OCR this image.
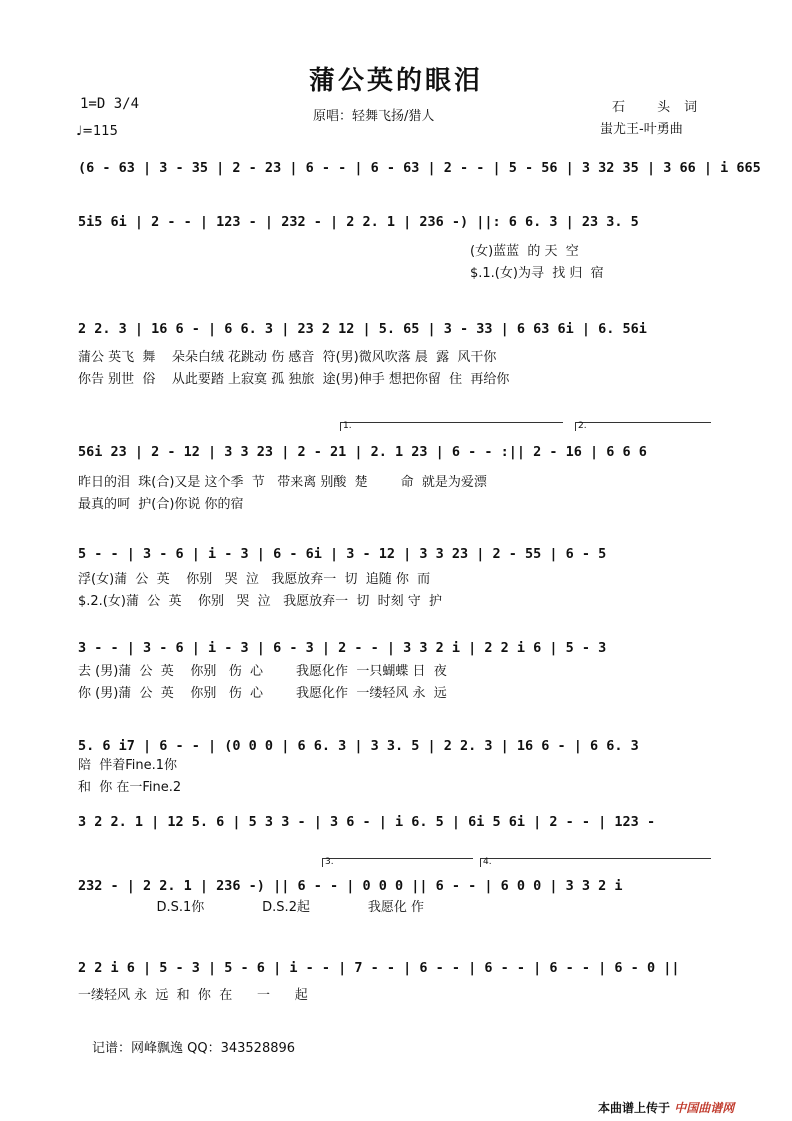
蒲公英的眼泪
1=D 3/4
♩=115
原唱：轻舞飞扬/猎人
石 头词
蚩尤王-叶勇曲
(6 - 63 | 3 - 35 | 2 - 23 | 6 - - | 6 - 63 | 2 - - | 5 - 56 | 3 32 35 | 3 66 | i 665
5i5 6i | 2 - - | 123 - | 232 - | 2 2. 1 | 236 -) ||: 6 6. 3 | 23 3. 5
(女)蓝蓝  的 天  空
$.1.(女)为寻  找 归  宿
2 2. 3 | 16 6 - | 6 6. 3 | 23 2 12 | 5. 65 | 3 - 33 | 6 63 6i | 6. 56i
蒲公 英飞  舞    朵朵白绒 花跳动 伤 感音  符(男)微风吹落 晨  露  风干你
你告 别世  俗    从此要踏 上寂寞 孤 独旅  途(男)伸手 想把你留  住  再给你
1.	2.
56i 23 | 2 - 12 | 3 3 23 | 2 - 21 | 2. 1 23 | 6 - - :|| 2 - 16 | 6 6 6
昨日的泪  珠(合)又是 这个季  节   带来离 别酸  楚        命  就是为爱漂
最真的呵  护(合)你说 你的宿
5 - - | 3 - 6 | i - 3 | 6 - 6i | 3 - 12 | 3 3 23 | 2 - 55 | 6 - 5
浮(女)蒲  公  英    你别   哭  泣   我愿放弃一  切  追随 你  而
$.2.(女)蒲  公  英    你别   哭  泣   我愿放弃一  切  时刻 守  护
3 - - | 3 - 6 | i - 3 | 6 - 3 | 2 - - | 3 3 2 i | 2 2 i 6 | 5 - 3
去 (男)蒲  公  英    你别   伤  心        我愿化作  一只蝴蝶 日  夜
你 (男)蒲  公  英    你别   伤  心        我愿化作  一缕轻风 永  远
5. 6 i7 | 6 - - | (0 0 0 | 6 6. 3 | 3 3. 5 | 2 2. 3 | 16 6 - | 6 6. 3
陪  伴着Fine.1你
和  你 在一Fine.2
3 2 2. 1 | 12 5. 6 | 5 3 3 - | 3 6 - | i 6. 5 | 6i 5 6i | 2 - - | 123 -
3.	4.
232 - | 2 2. 1 | 236 -) || 6 - - | 0 0 0 || 6 - - | 6 0 0 | 3 3 2 i
D.S.1你              D.S.2起              我愿化 作
2 2 i 6 | 5 - 3 | 5 - 6 | i - - | 7 - - | 6 - - | 6 - - | 6 - - | 6 - 0 ||
一缕轻风 永  远  和  你  在      一      起
记谱：网峰飘逸 QQ：343528896
本曲谱上传于 中国曲谱网
